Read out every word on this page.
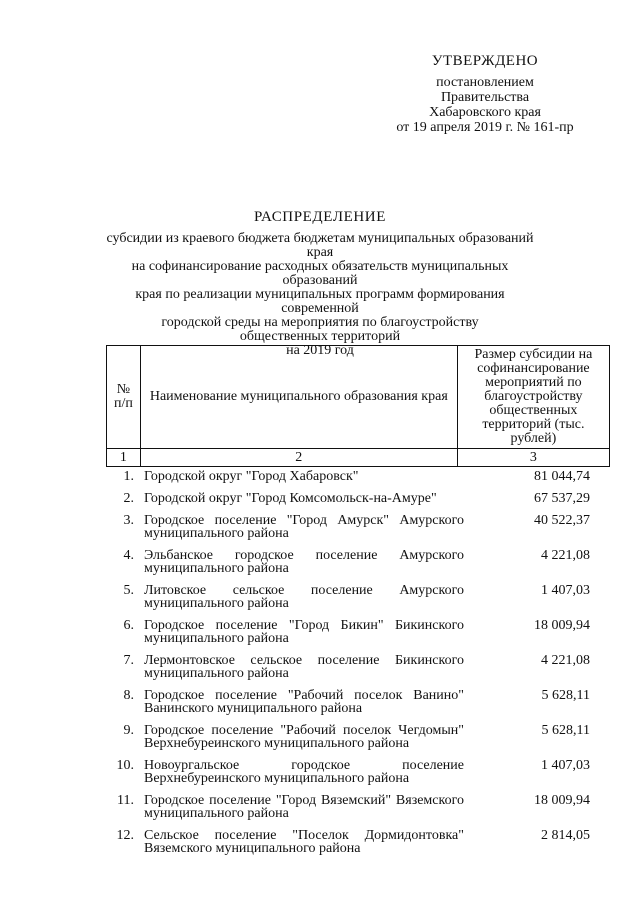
УТВЕРЖДЕНО
постановлением
Правительства
Хабаровского края
от 19 апреля 2019 г. № 161-пр
РАСПРЕДЕЛЕНИЕ
субсидии из краевого бюджета бюджетам муниципальных образований края
на софинансирование расходных обязательств муниципальных образований
края по реализации муниципальных программ формирования современной
городской среды на мероприятия по благоустройству
общественных территорий
на 2019 год
№ п/п	Наименование муниципального образования края	Размер субсидии на софинансирование мероприятий по благоустройству общественных территорий (тыс. рублей)
1	2	3
1.	Городской округ "Город Хабаровск"	81 044,74
2.	Городской округ "Город Комсомольск-на-Амуре"	67 537,29
3.	Городское поселение "Город Амурск" Амурского муниципального района	40 522,37
4.	Эльбанское городское поселение Амурского муниципального района	4 221,08
5.	Литовское сельское поселение Амурского муниципального района	1 407,03
6.	Городское поселение "Город Бикин" Бикинского муниципального района	18 009,94
7.	Лермонтовское сельское поселение Бикинского муниципального района	4 221,08
8.	Городское поселение "Рабочий поселок Ванино" Ванинского муниципального района	5 628,11
9.	Городское поселение "Рабочий поселок Чегдомын" Верхнебуреинского муниципального района	5 628,11
10.	Новоургальское городское поселение Верхнебуреинского муниципального района	1 407,03
11.	Городское поселение "Город Вяземский" Вяземского муниципального района	18 009,94
12.	Сельское поселение "Поселок Дормидонтовка" Вяземского муниципального района	2 814,05
